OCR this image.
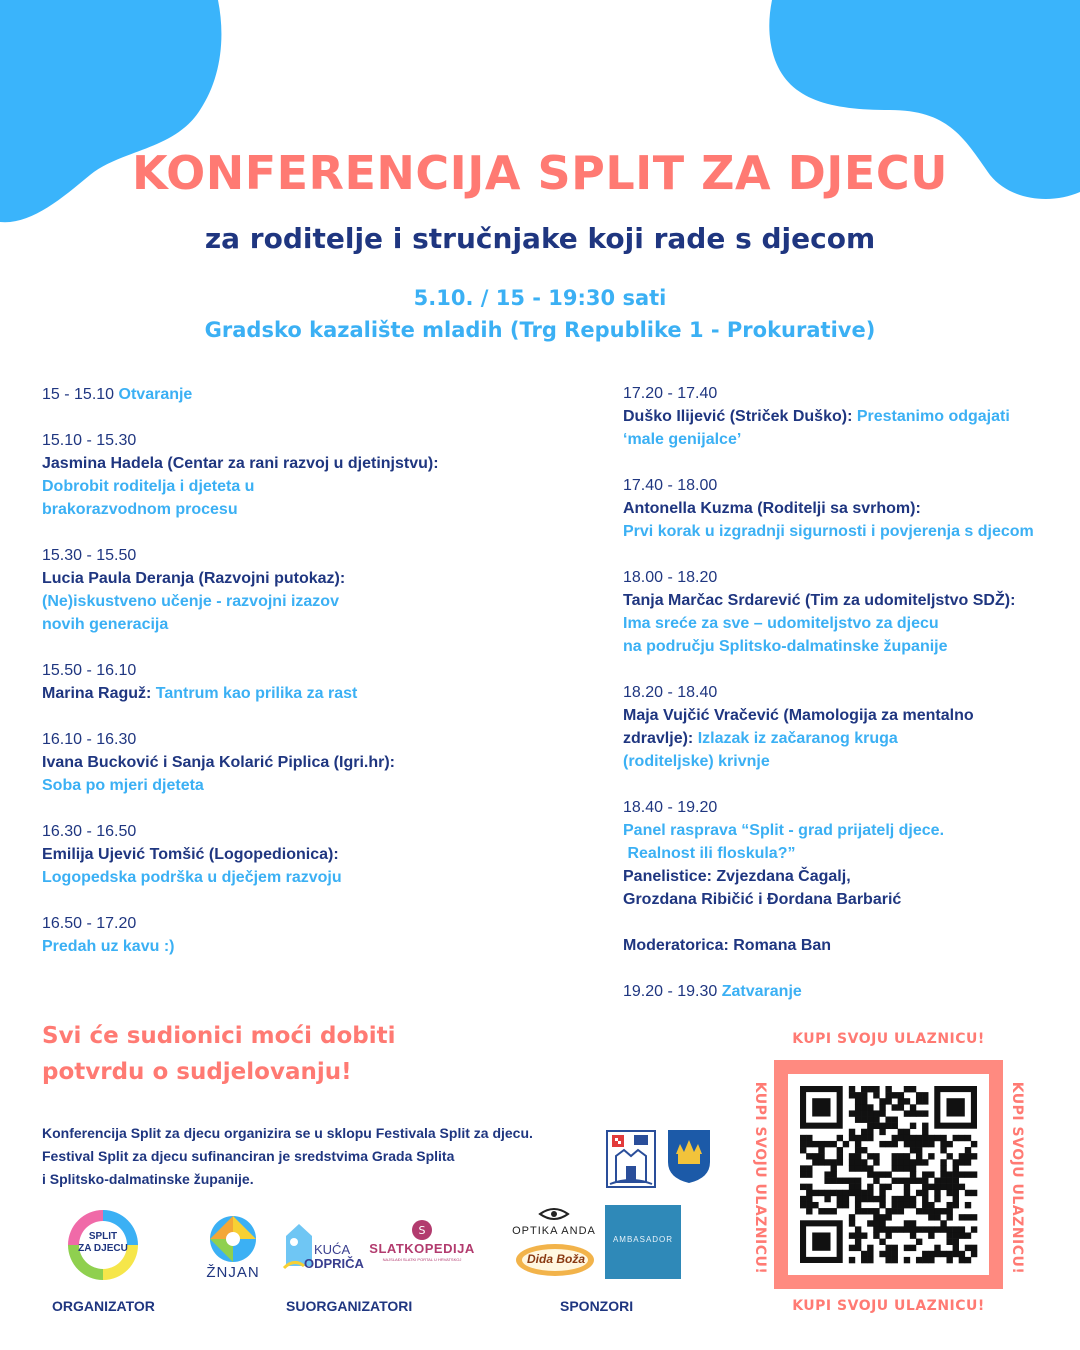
KONFERENCIJA SPLIT ZA DJECU
za roditelje i stručnjake koji rade s djecom
5.10. / 15 - 19:30 sati
Gradsko kazalište mladih (Trg Republike 1 - Prokurative)
15 - 15.10 Otvaranje
15.10 - 15.30
Jasmina Hadela (Centar za rani razvoj u djetinjstvu):
Dobrobit roditelja i djeteta u
brakorazvodnom procesu
15.30 - 15.50
Lucia Paula Deranja (Razvojni putokaz):
(Ne)iskustveno učenje - razvojni izazov
novih generacija
15.50 - 16.10
Marina Raguž: Tantrum kao prilika za rast
16.10 - 16.30
Ivana Bucković i Sanja Kolarić Piplica (Igri.hr):
Soba po mjeri djeteta
16.30 - 16.50
Emilija Ujević Tomšić (Logopedionica):
Logopedska podrška u dječjem razvoju
16.50 - 17.20
Predah uz kavu :)
17.20 - 17.40
Duško Ilijević (Striček Duško): Prestanimo odgajati
‘male genijalce’
17.40 - 18.00
Antonella Kuzma (Roditelji sa svrhom):
Prvi korak u izgradnji sigurnosti i povjerenja s djecom
18.00 - 18.20
Tanja Marčac Srdarević (Tim za udomiteljstvo SDŽ):
Ima sreće za sve – udomiteljstvo za djecu
na području Splitsko-dalmatinske županije
18.20 - 18.40
Maja Vujčić Vračević (Mamologija za mentalno
zdravlje): Izlazak iz začaranog kruga
(roditeljske) krivnje
18.40 - 19.20
Panel rasprava “Split - grad prijatelj djece.
Realnost ili floskula?”
Panelistice: Zvjezdana Čagalj,
Grozdana Ribičić i Đordana Barbarić
Moderatorica: Romana Ban
19.20 - 19.30 Zatvaranje
Svi će sudionici moći dobiti
potvrdu o sudjelovanju!
Konferencija Split za djecu organizira se u sklopu Festivala Split za djecu.
Festival Split za djecu sufinanciran je sredstvima Grada Splita
i Splitsko-dalmatinske županije.
SPLIT
ZA DJECU
ŽNJAN
KUĆA
ODPRIČA
S
SLATKOPEDIJA
NAJSLAĐI SLATKI PORTAL U HRVATSKOJ
OPTIKA ANDA
Dida Boža
AMBASADOR
ORGANIZATOR	SUORGANIZATORI	SPONZORI
KUPI SVOJU ULAZNICU!
KUPI SVOJU ULAZNICU!
KUPI SVOJU ULAZNICU!	KUPI SVOJU ULAZNICU!
